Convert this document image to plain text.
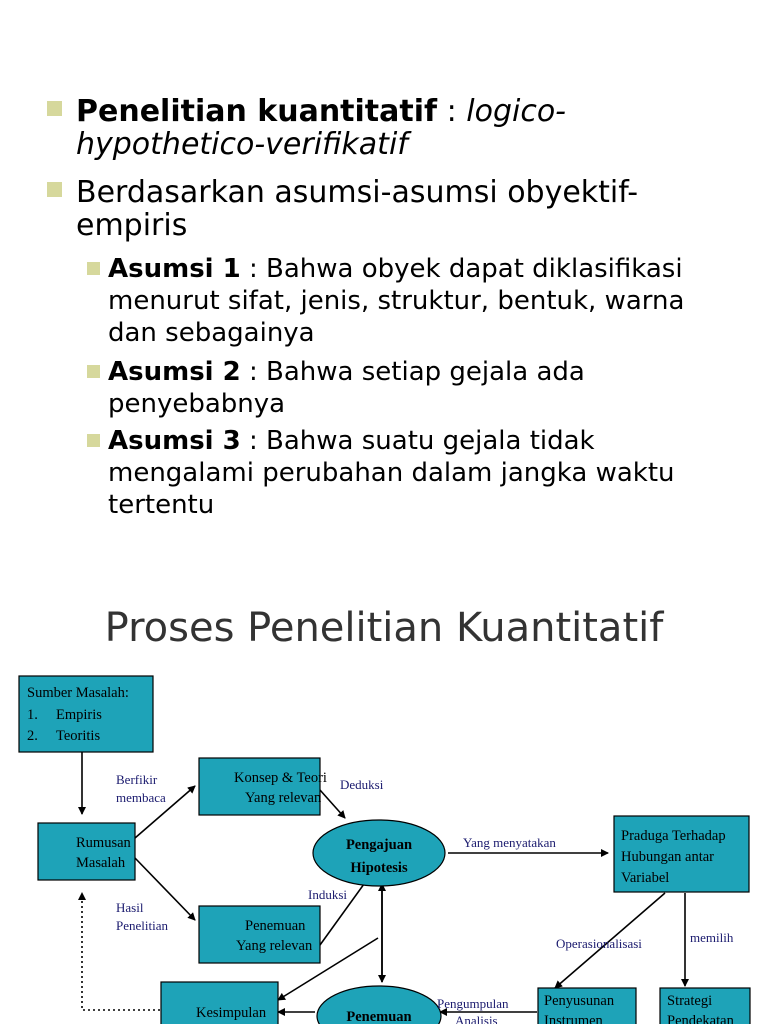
Penelitian kuantitatif : logico-
hypothetico-verifikatif
Berdasarkan asumsi-asumsi obyektif-
empiris
Asumsi 1 : Bahwa obyek dapat diklasifikasi
menurut sifat, jenis, struktur, bentuk, warna
dan sebagainya
Asumsi 2 : Bahwa setiap gejala ada
penyebabnya
Asumsi 3 : Bahwa suatu gejala tidak
mengalami perubahan dalam jangka waktu
tertentu
Proses Penelitian Kuantitatif
Sumber Masalah:
1. Empiris
2. Teoritis
Rumusan
Masalah
Konsep & Teori
Yang relevan
Penemuan
Yang relevan
Pengajuan
Hipotesis
Praduga Terhadap
Hubungan antar
Variabel
Kesimpulan	Penemuan
Penyusunan
Instrumen
Strategi
Pendekatan
Berfikir
membaca
Deduksi
Yang menyatakan
Induksi
Hasil
Penelitian
Operasionalisasi	memilih
Pengumpulan
Analisis
